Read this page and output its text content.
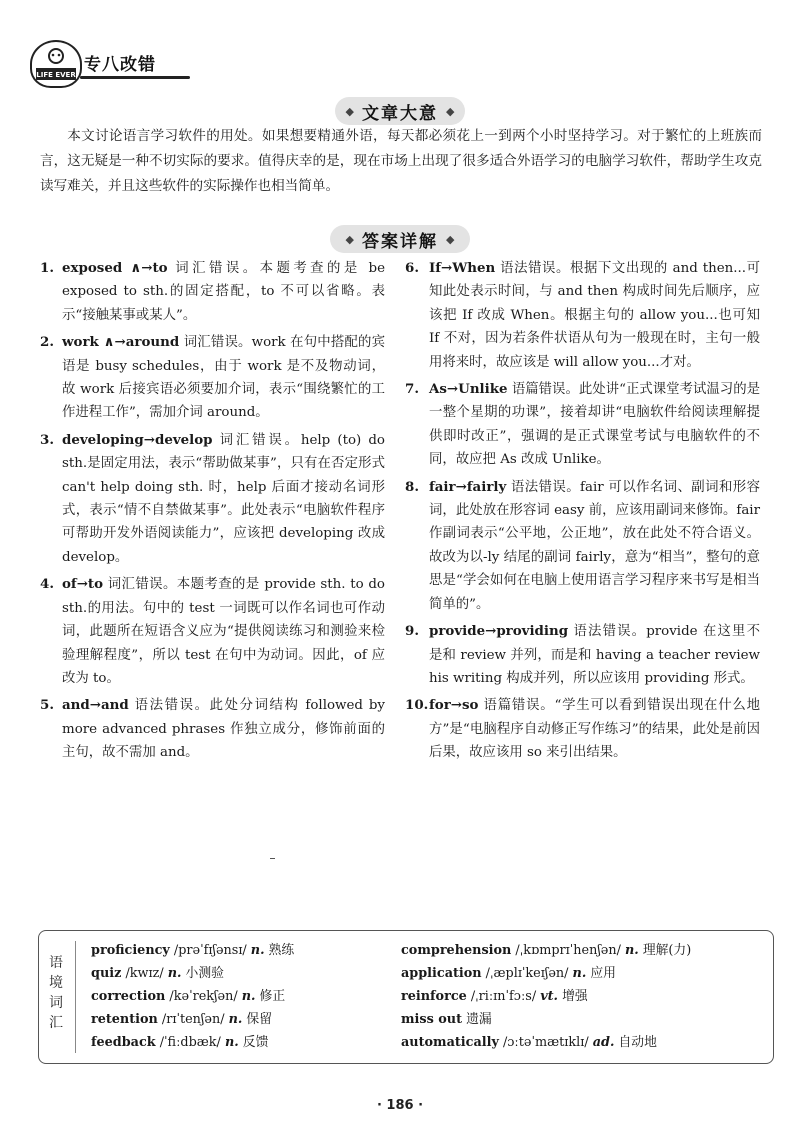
LIFE EVER 专八改错
◆ 文章大意 ◆

本文讨论语言学习软件的用处。如果想要精通外语，每天都必须花上一到两个小时坚持学习。对于繁忙的上班族而言，这无疑是一种不切实际的要求。值得庆幸的是，现在市场上出现了很多适合外语学习的电脑学习软件，帮助学生攻克读写难关，并且这些软件的实际操作也相当简单。

◆ 答案详解 ◆
1. exposed ∧→to 词汇错误。本题考查的是 be exposed to sth.的固定搭配，to 不可以省略。表示“接触某事或某人”。
2. work ∧→around 词汇错误。work 在句中搭配的宾语是 busy schedules，由于 work 是不及物动词，故 work 后接宾语必须要加介词，表示“围绕繁忙的工作进程工作”，需加介词 around。
3. developing→develop 词汇错误。help (to) do sth.是固定用法，表示“帮助做某事”，只有在否定形式 can't help doing sth. 时，help 后面才接动名词形式，表示“情不自禁做某事”。此处表示“电脑软件程序可帮助开发外语阅读能力”，应该把 developing 改成 develop。
4. of→to 词汇错误。本题考查的是 provide sth. to do sth.的用法。句中的 test 一词既可以作名词也可作动词，此题所在短语含义应为“提供阅读练习和测验来检验理解程度”，所以 test 在句中为动词。因此，of 应改为 to。
5. and→and 语法错误。此处分词结构 followed by more advanced phrases 作独立成分，修饰前面的主句，故不需加 and。
6. If→When 语法错误。根据下文出现的 and then...可知此处表示时间，与 and then 构成时间先后顺序，应该把 If 改成 When。根据主句的 allow you...也可知 If 不对，因为若条件状语从句为一般现在时，主句一般用将来时，故应该是 will allow you...才对。
7. As→Unlike 语篇错误。此处讲“正式课堂考试温习的是一整个星期的功课”，接着却讲“电脑软件给阅读理解提供即时改正”，强调的是正式课堂考试与电脑软件的不同，故应把 As 改成 Unlike。
8. fair→fairly 语法错误。fair 可以作名词、副词和形容词，此处放在形容词 easy 前，应该用副词来修饰。fair 作副词表示“公平地，公正地”，放在此处不符合语义。故改为以-ly 结尾的副词 fairly，意为“相当”，整句的意思是“学会如何在电脑上使用语言学习程序来书写是相当简单的”。
9. provide→providing 语法错误。provide 在这里不是和 review 并列，而是和 having a teacher review his writing 构成并列，所以应该用 providing 形式。
10. for→so 语篇错误。“学生可以看到错误出现在什么地方”是“电脑程序自动修正写作练习”的结果，此处是前因后果，故应该用 so 来引出结果。
语境词汇
proficiency /prəˈfɪʃənsɪ/ n. 熟练
quiz /kwɪz/ n. 小测验
correction /kəˈrekʃən/ n. 修正
retention /rɪˈtenʃən/ n. 保留
feedback /ˈfiːdbæk/ n. 反馈
comprehension /ˌkɒmprɪˈhenʃən/ n. 理解(力)
application /ˌæplɪˈkeɪʃən/ n. 应用
reinforce /ˌriːɪnˈfɔːs/ vt. 增强
miss out 遗漏
automatically /ɔːtəˈmætɪklɪ/ ad. 自动地
· 186 ·
